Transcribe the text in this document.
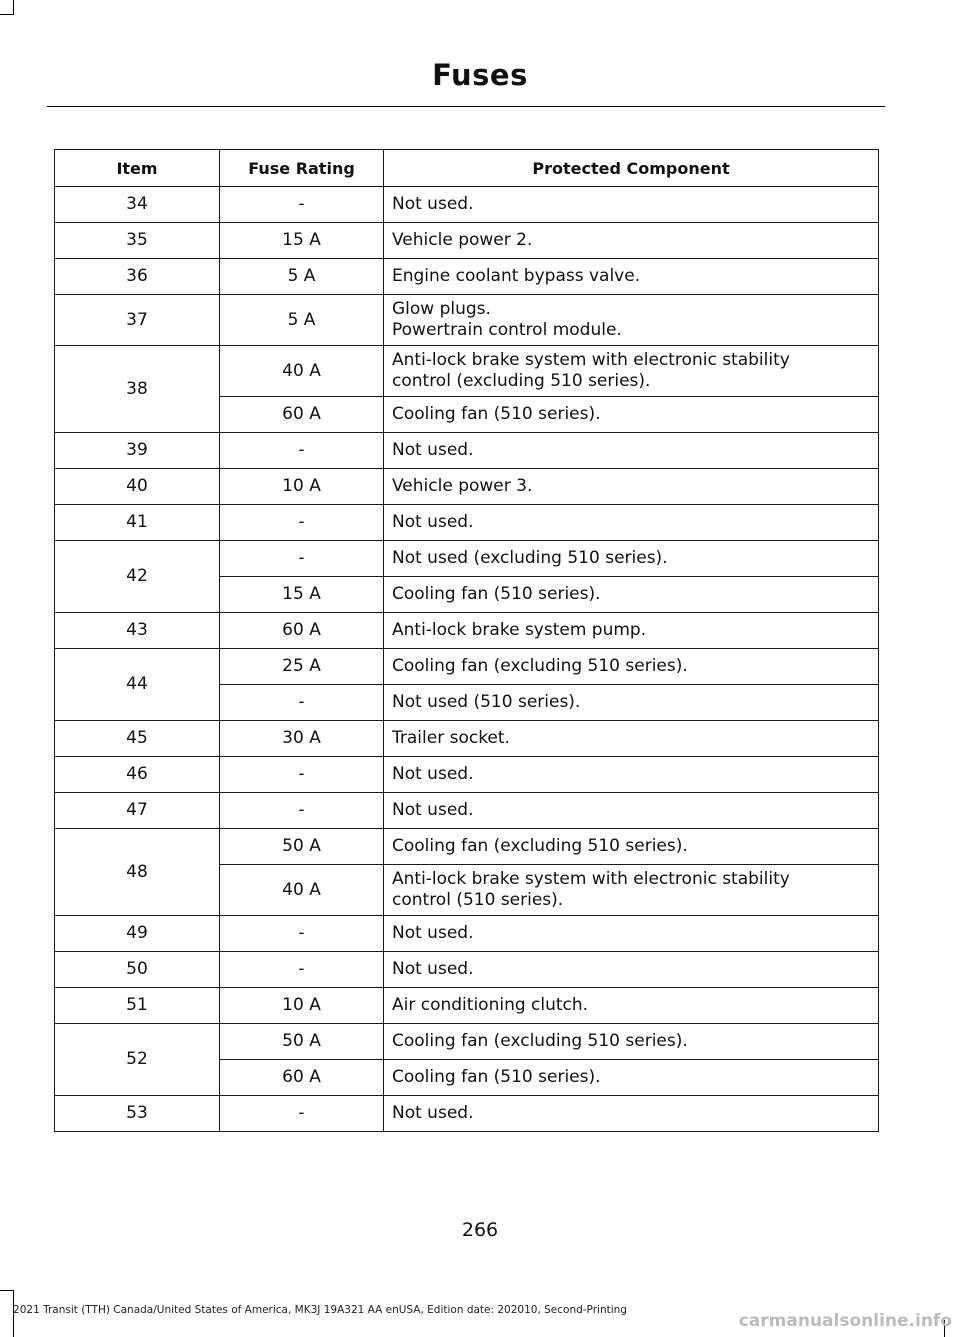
Fuses
Item	Fuse Rating	Protected Component
34	-	Not used.

35	15 A	Vehicle power 2.

36	5 A	Engine coolant bypass valve.

37	5 A	Glow plugs.
Powertrain control module.

38	40 A	Anti-lock brake system with electronic stability
control (excluding 510 series).

	60 A	Cooling fan (510 series).

39	-	Not used.

40	10 A	Vehicle power 3.

41	-	Not used.

42	-	Not used (excluding 510 series).

	15 A	Cooling fan (510 series).

43	60 A	Anti-lock brake system pump.

44	25 A	Cooling fan (excluding 510 series).

	-	Not used (510 series).

45	30 A	Trailer socket.

46	-	Not used.

47	-	Not used.

48	50 A	Cooling fan (excluding 510 series).

	40 A	Anti-lock brake system with electronic stability
control (510 series).

49	-	Not used.

50	-	Not used.

51	10 A	Air conditioning clutch.

52	50 A	Cooling fan (excluding 510 series).

	60 A	Cooling fan (510 series).

53	-	Not used.
266
2021 Transit (TTH) Canada/United States of America, MK3J 19A321 AA enUSA, Edition date: 202010, Second-Printing
carmanualsonline.info
